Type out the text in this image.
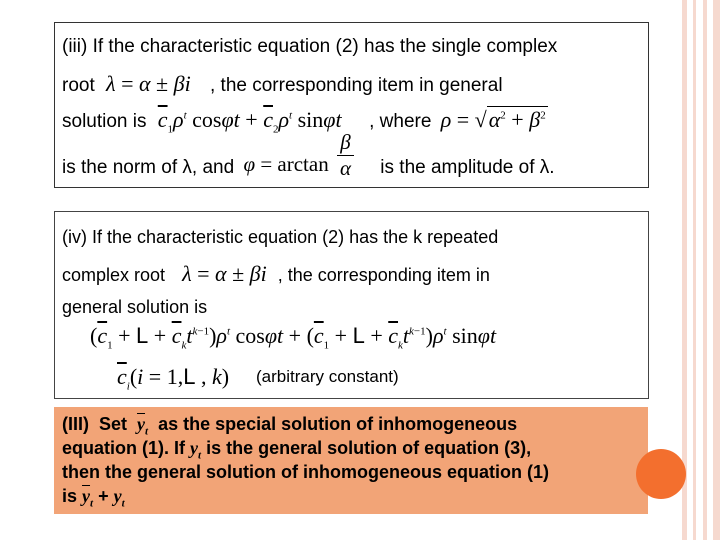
(iii) If the characteristic equation (2) has the single complex
root λ = α ± βi , the corresponding item in general
solution is $\overline{c}_1\rho^t$ $\cos\varphi t + \overline{c}_2\rho^t$ sinφt , where $\rho = √\alpha^2 + \beta^2$
is the norm of λ, and $\varphi = \arctan \frac{\beta}{\alpha}$ is the amplitude of λ.
(iv) If the characteristic equation (2) has the k repeated
complex root λ = α ± βi , the corresponding item in
general solution is
$(\overline{c}_1 + L + \overline{c}_kt^{k-1})\rho^t$ $\cos\varphi t + (\overline{c}_1 + L + \overline{c}_kt^{k-1})\rho^t$ sinφt
$\overline{c}_i(i = 1,L$ , k) (arbitrary constant)
(III)  Set  $\overline{y}_t$  as the special solution of inhomogeneous
equation (1). If $y_t$ is the general solution of equation (3),
then the general solution of inhomogeneous equation (1)
is $\overline{y}_t + y_t$
